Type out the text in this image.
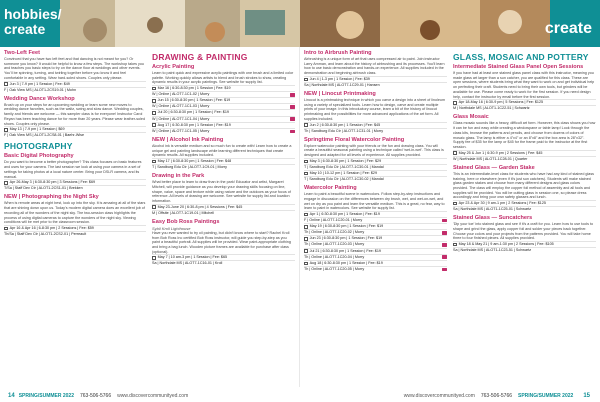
hobbies/
create	create
Two-Left Feet
Convinced that you have two left feet and that dancing is not meant for you? Or someone you know? It would be helpful to know a few steps. The workshop takes you and teaches you basic steps to try on the dance floor at weddings and other events. You'll be spinning, turning, and twirling together before you know it and feel comfortable in any setting. Wear hard-soled shoes. Couples only please.
Jun 3 | 7-9 pm | 1 Session | Fee: $49
F | Oak View MS | ALOT1-2CS19-01 | Mohn
Wedding Dance Workshop
Brush up on your steps for an upcoming wedding or learn some new moves to wedding dance favorites, such as the waltz, swing and slow dance. Wedding couples, family and friends are welcome — this sampler class is for everyone! Instructor Carol Reyan has been teaching dance for for more than 20 years. Please wear leather-soled shoes. Couples only please.
May 13 | 7-9 pm | 1 Session | $69
F | Oak View MS | ALOT1-2CS8-01 | Baehr-Wise
PHOTOGRAPHY
Basic Digital Photography
Do you want to become a better photographer? This class focuses on basic features and uses for your camera. The last session we look at using your camera in a set of settings for taking photos at a local nature center. Bring your DSLR camera, and its manual.
Apr 26-May 3 | 6:30-8:30 pm | 3 Sessions | Fee: $69
T/Sa | Staff Dev Ctr | ALOT1-2CS1-01 | Brekken
NEW | Photographing the Night Sky
When is remote areas at night best, look up into the sky. It is amazing at all of the stars that are shining down upon us. Today's modern digital camera does an excellent job of recording all of the wonders of the night sky. The two-session class highlights the process of using digital cameras to capture the wonders of the night sky. Viewing conditions will be met prior to the classroom session.
Apr 16 & Apr 16 | 6-8:30 pm | 2 Sessions | Fee: $59
Th/Sa | Staff Dev Ctr | ALOT1-2CS2-01 | Perreault
DRAWING & PAINTING
Acrylic Painting
Learn to paint quick and expressive acrylic paintings with one brush and a limited color palette. Working quickly allows artists to blend and brush strokes to show, creating dynamic results in your acrylic paintings. See website for supply list.
Mar 16 | 6:30-8:30 pm | 1 Session | Fee: $19
W | Online | ALOT7-1C1-02 | Morry
Jun 15 | 6:30-8:30 pm | 1 Session | Fee: $19
W | Online | ALOT7-1C1-03 | Morry
Jul 20 | 6:30-8:30 pm | 1 Session | Fee: $19
W | Online | ALOT7-1C1-04 | Morry
Aug 17 | 6:30-8:30 pm | 1 Session | Fee: $19
W | Online | ALOT7-1C1-05 | Morry
NEW | Alcohol Ink Painting
Alcohol ink is versatile medium and so much fun to create with! Learn how to create a unique gel and painting landscape while learning different techniques that create dynamic results. All supplies included.
May 17 | 6:30-8:30 pm | 1 Session | Fee: $48
T | Sandburg Edu Ctr | ALOT7-1C9-01 | Morry
Drawing in the Park
What better place to learn to draw than in the park! Educator and artist, Margaret Mitchell, will provide guidance as you develop your drawing skills focusing on line, shape, value, space and texture while using nature and the outdoors as your focus of reference. All levels of drawing are welcome. See website for supply list and location information.
May 23-June 20 | 6:30-8 pm | 4 Sessions | Fee: $45
M | Offsite | ALOT7-1C19-01 | Mitchell
Easy Bob Ross Paintings
Sybil Kroll Lighthouse
Have you ever wanted to try oil painting, but didn't know where to start? Rachel Kroll from Bob Ross Inc certified Bob Ross instructor, will guide you step-by-step as you paint a beautiful portrait. All supplies will be provided. Wear paint-appropriate clothing and bring a bag lunch. Wooden picture frames are available for purchase after class (optional).
May 7 | 10 am-3 pm | 1 Session | Fee: $65
Sa | Northdale MS | ALOT7-1C16-01 | Kroll
Intro to Airbrush Painting
Airbrushing is a unique form of art that uses compressed air to paint. Join instructor Larry Amman, and learn about the history of airbrushing and its processes. You'll learn how to use basic demonstration and hands-on experience. All supplies included in the demonstration and beginning airbrush class.
Jun 4 | 1-3 pm | 1 Session | Fee: $39
Sa | Northdale MS | ALOT7-1C29-01 | Hansen
NEW | Linocut Printmaking
Linocut is a printmaking technique in which you carve a design into a sheet of linoleum using a variety of specialized tools. Learn how to design, carve and create multiple prints of your image. In this introductory course, learn a bit of the history of linocut printmaking and the possibilities for more advanced applications of the art form. All supplies included.
Jun 2 | 6:30-8:30 pm | 1 Session | Fee: $45
Th | Sandburg Edu Ctr | ALOT7-1C31-01 | Morry
Springtime Floral Watercolor Painting
Explore watercolor painting with your friends or the fun and drawing class. You will create a beautiful seasonal painting using a technique called 'wet-in-wet'. This class is designed and adapted for all levels of experience. All supplies provided.
May 3 | 6:30-8:30 pm | 1 Session | Fee: $29
T | Sandburg Edu Ctr | ALOT7-1C30-01 | Mandal
May 10 | 10-12 pm | 1 Session | Fee: $29
T | Sandburg Edu Ctr | ALOT7-1C30-02 | Mandal
Watercolor Painting
Learn to paint a beautiful scene in watercolors. Follow step-by-step instructions and engage in discussion on the differences between dry brush, wet, and wet-on-wet, and wet on dry as you paint and learn the versatile medium. This is a great, no fear, way to learn to paint in watercolors. See website for supply list.
Apr 1 | 6:30-8:30 pm | 1 Session | Fee: $19
F | Online | ALOT7-1C20-01 | Morry
May 19 | 6:30-8:30 pm | 1 Session | Fee: $19
Th | Online | ALOT7-1C20-02 | Morry
Jun 23 | 6:30-8:30 pm | 1 Session | Fee: $19
Th | Online | ALOT7-1C20-03 | Morry
Jul 21 | 6:30-8:30 pm | 1 Session | Fee: $19
Th | Online | ALOT7-1C20-04 | Morry
Aug 18 | 6:30-8:30 pm | 1 Session | Fee: $19
Th | Online | ALOT7-1C20-05 | Morry
GLASS, MOSAIC AND POTTERY
Intermediate Stained Glass Panel Open Sessions
If you have had at least one stained glass panel class with this instructor, meaning you made glass art larger than a sun catcher, you are qualified for this class. These are open sessions, where students bring what they want to work on and get individual help on perfecting their craft. Students need to bring their own tools, but grinders will be available for use. Please come ready to work for the first session. If you need design help, contact the instructor by email before the first session.
Apr 18-May 16 | 6:30-9 pm | 5 Sessions | Fee: $125
M | Northdale MS | ALOT1-1C22-51 | Schwartz
Glass Mosaic
Glass mosaic sounds like a heavy, difficult art form. However, this class shows you how it can be fun and easy while creating a windowpane or table lamp! Look through the class kits, browse the patterns and pencils, and choose from dozens of colors of mosaic glass. The lamp is either a 4"x4" or an 8"x8" and the box area is 28"x32". Supply fee of $35 for the lamp or $45 for the frame paid to the instructor at the first session.
May 25 & Jun 1 | 6:30-9 pm | 2 Sessions | Fee: $45
W | Northdale MS | ALOT1-1C28-01 | Quarter
Stained Glass — Garden Stake
This is an intermediate-level class for students who have had any kind of stained glass training, here or elsewhere (even if it's just sun catchers). Students will make stained glass garden stakes and choose from many different designs and glass colors provided. The class will employ the copper foil method of assembly and all tools and supplies will be provided. You will be cutting glass in session one, so please dress accordingly and bring your own safety glasses and lunch.
Apr 23 & Apr 30 | 9 am-1 pm | 2 Sessions | Fee: $125
Sa | Northdale MS | ALOT1-1C25-01 | Schwartz
Stained Glass — Suncatchers
'Dip your toe' into stained glass and see if it's a craft for you. Learn how to use tools to shape and grind the glass, apply copper foil and solder your pieces back together. Choose your colors and your projects from the patterns provided. You will take home three to four finished pieces. All supplies provided.
May 18 & May 21 | 9 am-1:30 pm | 2 Sessions | Fee: $105
Sa | Northdale MS | ALOT1-1C23-51 | Schwartz
14 SPRING/SUMMER 2022 763-506-5766 www.discovercommunityed.com	www.discovercommunityed.com 763-506-5766 SPRING/SUMMER 2022 15
